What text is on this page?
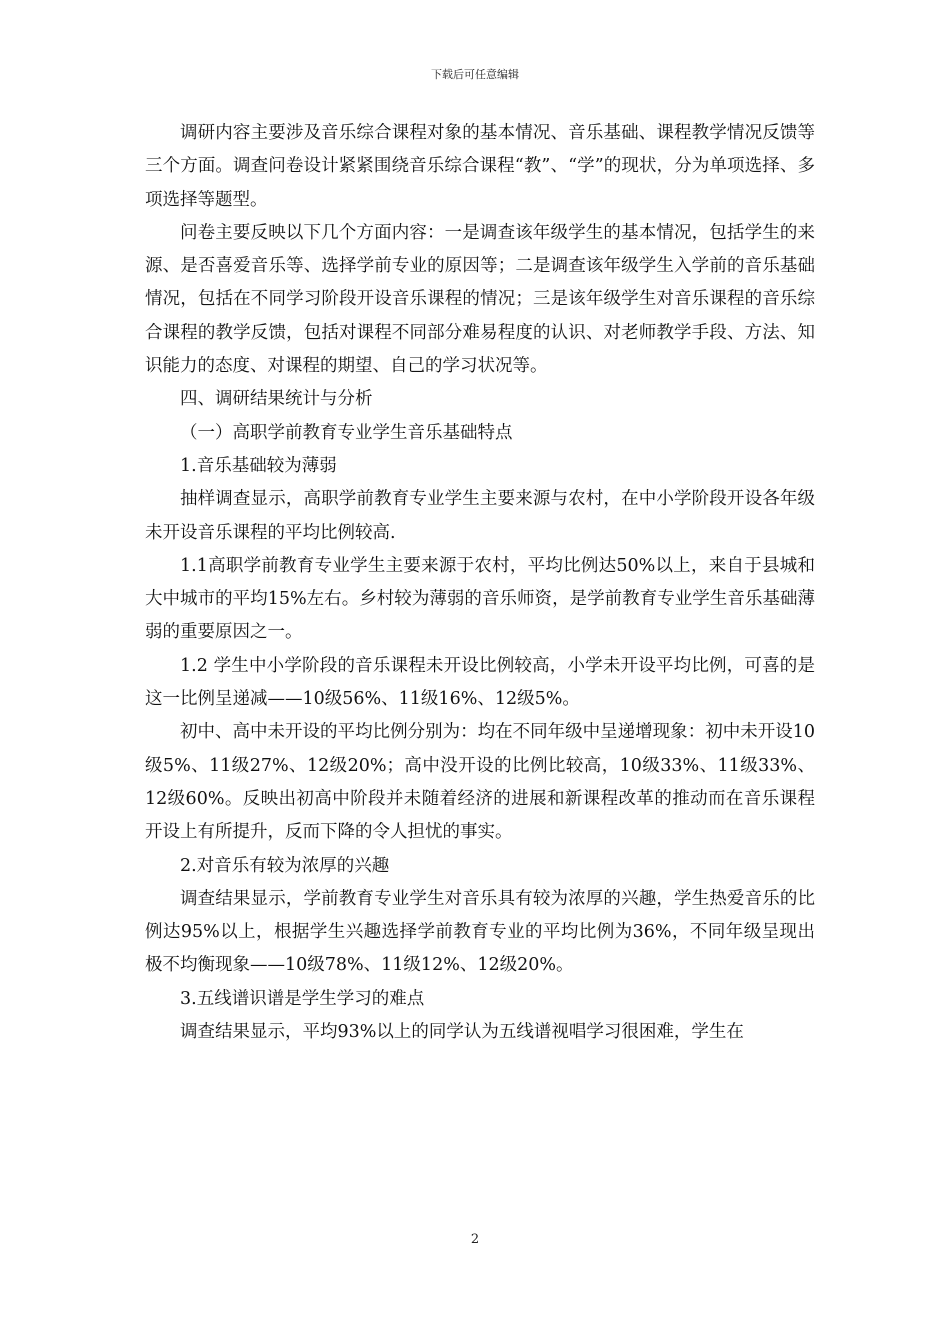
下载后可任意编辑

调研内容主要涉及音乐综合课程对象的基本情况、音乐基础、课程教学情况反馈等三个方面。调查问卷设计紧紧围绕音乐综合课程“教”、“学”的现状，分为单项选择、多项选择等题型。

问卷主要反映以下几个方面内容：一是调查该年级学生的基本情况，包括学生的来源、是否喜爱音乐等、选择学前专业的原因等；二是调查该年级学生入学前的音乐基础情况，包括在不同学习阶段开设音乐课程的情况；三是该年级学生对音乐课程的音乐综合课程的教学反馈，包括对课程不同部分难易程度的认识、对老师教学手段、方法、知识能力的态度、对课程的期望、自己的学习状况等。

四、调研结果统计与分析

（一）高职学前教育专业学生音乐基础特点

1.音乐基础较为薄弱

抽样调查显示，高职学前教育专业学生主要来源与农村，在中小学阶段开设各年级未开设音乐课程的平均比例较高.

1.1高职学前教育专业学生主要来源于农村，平均比例达50%以上，来自于县城和大中城市的平均15%左右。乡村较为薄弱的音乐师资，是学前教育专业学生音乐基础薄弱的重要原因之一。

1.2 学生中小学阶段的音乐课程未开设比例较高，小学未开设平均比例，可喜的是这一比例呈递减——10级56%、11级16%、12级5%。

初中、高中未开设的平均比例分别为：均在不同年级中呈递增现象：初中未开设10级5%、11级27%、12级20%；高中没开设的比例比较高，10级33%、11级33%、12级60%。反映出初高中阶段并未随着经济的进展和新课程改革的推动而在音乐课程开设上有所提升，反而下降的令人担忧的事实。

2.对音乐有较为浓厚的兴趣

调查结果显示，学前教育专业学生对音乐具有较为浓厚的兴趣，学生热爱音乐的比例达95%以上，根据学生兴趣选择学前教育专业的平均比例为36%，不同年级呈现出极不均衡现象——10级78%、11级12%、12级20%。

3.五线谱识谱是学生学习的难点

调查结果显示，平均93%以上的同学认为五线谱视唱学习很困难，学生在

2
